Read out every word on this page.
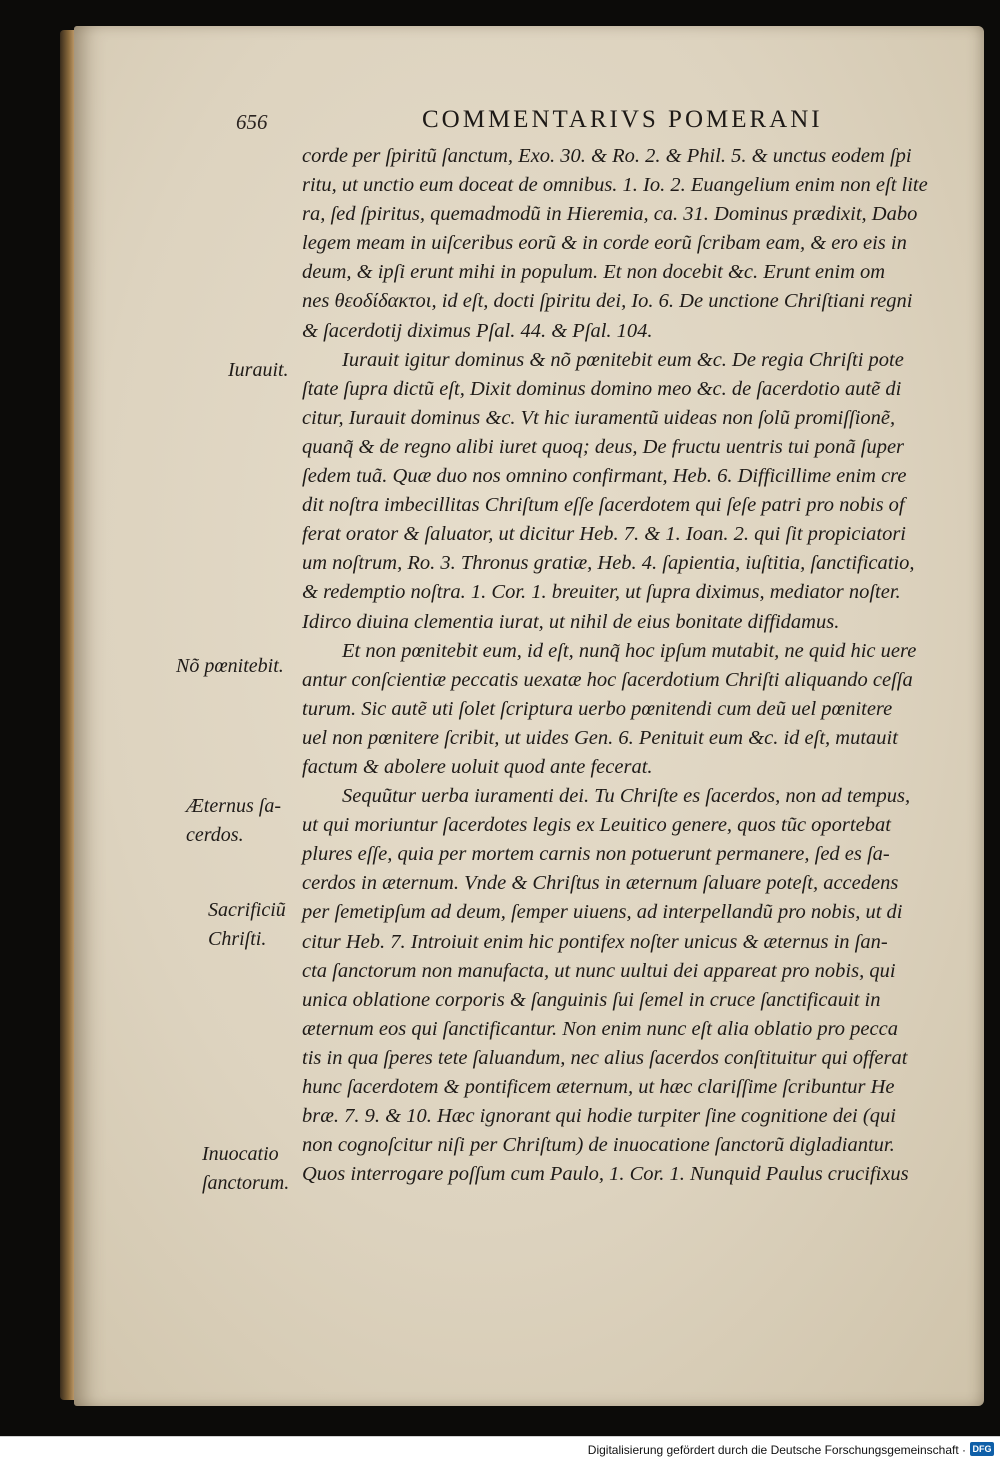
656	COMMENTARIVS POMERANI
corde per ſpiritũ ſanctum, Exo. 30. & Ro. 2. & Phil. 5. & unctus eodem ſpi
ritu, ut unctio eum doceat de omnibus. 1. Io. 2. Euangelium enim non eſt lite
ra, ſed ſpiritus, quemadmodũ in Hieremia, ca. 31. Dominus prædixit, Dabo
legem meam in uiſceribus eorũ & in corde eorũ ſcribam eam, & ero eis in
deum, & ipſi erunt mihi in populum. Et non docebit &c. Erunt enim om
nes θεοδίδακτοι, id eſt, docti ſpiritu dei, Io. 6. De unctione Chriſtiani regni
& ſacerdotij diximus Pſal. 44. & Pſal. 104.
Iurauit igitur dominus & nõ pœnitebit eum &c. De regia Chriſti pote
ſtate ſupra dictũ eſt, Dixit dominus domino meo &c. de ſacerdotio autẽ di
citur, Iurauit dominus &c. Vt hic iuramentũ uideas non ſolũ promiſſionẽ,
quanq̃ & de regno alibi iuret quoq; deus, De fructu uentris tui ponã ſuper
ſedem tuã. Quæ duo nos omnino confirmant, Heb. 6. Difficillime enim cre
dit noſtra imbecillitas Chriſtum eſſe ſacerdotem qui ſeſe patri pro nobis of
ferat orator & ſaluator, ut dicitur Heb. 7. & 1. Ioan. 2. qui ſit propiciatori
um noſtrum, Ro. 3. Thronus gratiæ, Heb. 4. ſapientia, iuſtitia, ſanctificatio,
& redemptio noſtra. 1. Cor. 1. breuiter, ut ſupra diximus, mediator noſter.
Idirco diuina clementia iurat, ut nihil de eius bonitate diffidamus.
Et non pœnitebit eum, id eſt, nunq̃ hoc ipſum mutabit, ne quid hic uere
antur conſcientiæ peccatis uexatæ hoc ſacerdotium Chriſti aliquando ceſſa
turum. Sic autẽ uti ſolet ſcriptura uerbo pœnitendi cum deũ uel pœnitere
uel non pœnitere ſcribit, ut uides Gen. 6. Penituit eum &c. id eſt, mutauit
factum & abolere uoluit quod ante fecerat.
Sequũtur uerba iuramenti dei. Tu Chriſte es ſacerdos, non ad tempus,
ut qui moriuntur ſacerdotes legis ex Leuitico genere, quos tũc oportebat
plures eſſe, quia per mortem carnis non potuerunt permanere, ſed es ſa-
cerdos in æternum. Vnde & Chriſtus in æternum ſaluare poteſt, accedens
per ſemetipſum ad deum, ſemper uiuens, ad interpellandũ pro nobis, ut di
citur Heb. 7. Introiuit enim hic pontifex noſter unicus & æternus in ſan-
cta ſanctorum non manufacta, ut nunc uultui dei appareat pro nobis, qui
unica oblatione corporis & ſanguinis ſui ſemel in cruce ſanctificauit in
æternum eos qui ſanctificantur. Non enim nunc eſt alia oblatio pro pecca
tis in qua ſperes tete ſaluandum, nec alius ſacerdos conſtituitur qui offerat
hunc ſacerdotem & pontificem æternum, ut hæc clariſſime ſcribuntur He
bræ. 7. 9. & 10. Hæc ignorant qui hodie turpiter ſine cognitione dei (qui
non cognoſcitur niſi per Chriſtum) de inuocatione ſanctorũ digladiantur.
Quos interrogare poſſum cum Paulo, 1. Cor. 1. Nunquid Paulus crucifixus
Iurauit.
Nõ pœnitebit.
Æternus ſa-
cerdos.
Sacrificiũ
Chriſti.
Inuocatio
ſanctorum.
Digitalisierung gefördert durch die Deutsche Forschungsgemeinschaft · DFG
